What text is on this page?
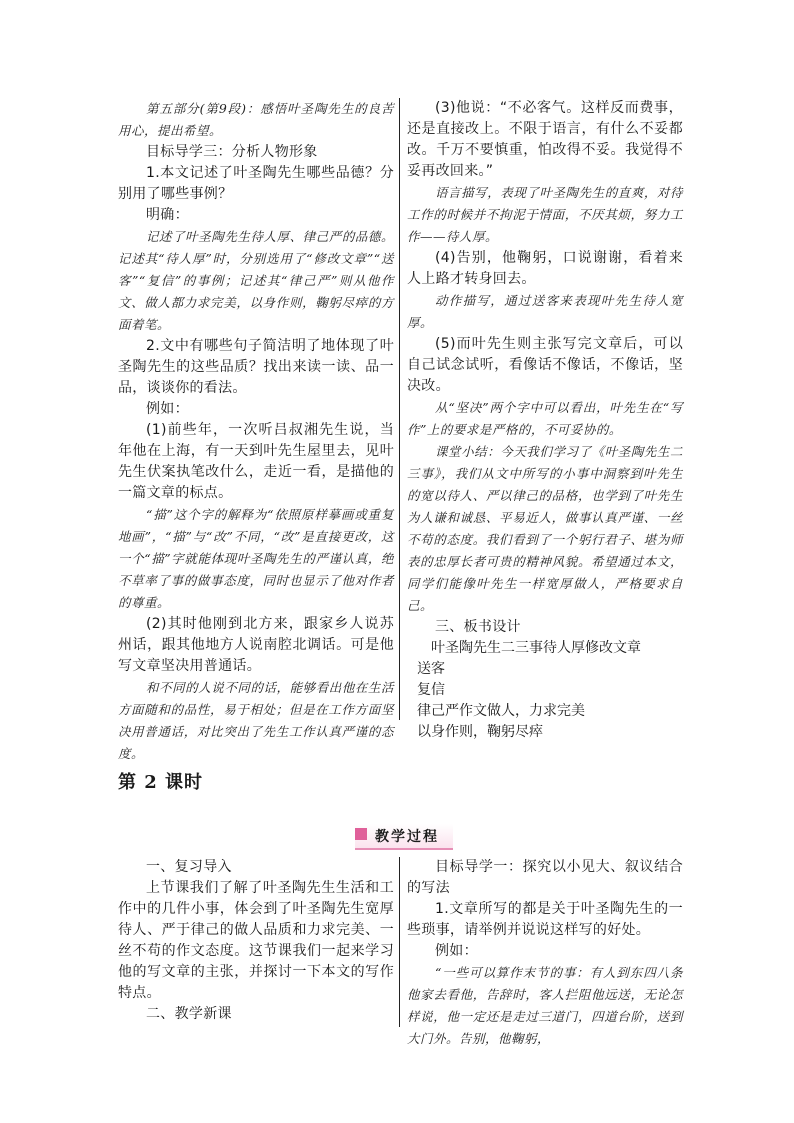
第五部分(第9段)：感悟叶圣陶先生的良苦用心，提出希望。

目标导学三：分析人物形象

1.本文记述了叶圣陶先生哪些品德？分别用了哪些事例？

明确：

记述了叶圣陶先生待人厚、律己严的品德。记述其“待人厚”时，分别选用了“修改文章”“送客”“复信”的事例；记述其“律己严”则从他作文、做人都力求完美，以身作则，鞠躬尽瘁的方面着笔。

2.文中有哪些句子简洁明了地体现了叶圣陶先生的这些品质？找出来读一读、品一品，谈谈你的看法。

例如：

(1)前些年，一次听吕叔湘先生说，当年他在上海，有一天到叶先生屋里去，见叶先生伏案执笔改什么，走近一看，是描他的一篇文章的标点。

“描”这个字的解释为“依照原样摹画或重复地画”，“描”与“改”不同，“改”是直接更改，这一个“描”字就能体现叶圣陶先生的严谨认真，绝不草率了事的做事态度，同时也显示了他对作者的尊重。

(2)其时他刚到北方来，跟家乡人说苏州话，跟其他地方人说南腔北调话。可是他写文章坚决用普通话。

和不同的人说不同的话，能够看出他在生活方面随和的品性，易于相处；但是在工作方面坚决用普通话，对比突出了先生工作认真严谨的态度。

(3)他说：“不必客气。这样反而费事，还是直接改上。不限于语言，有什么不妥都改。千万不要慎重，怕改得不妥。我觉得不妥再改回来。”

语言描写，表现了叶圣陶先生的直爽，对待工作的时候并不拘泥于情面，不厌其烦，努力工作——待人厚。

(4)告别，他鞠躬，口说谢谢，看着来人上路才转身回去。

动作描写，通过送客来表现叶先生待人宽厚。

(5)而叶先生则主张写完文章后，可以自己试念试听，看像话不像话，不像话，坚决改。

从“坚决”两个字中可以看出，叶先生在“写作”上的要求是严格的，不可妥协的。

课堂小结：今天我们学习了《叶圣陶先生二三事》，我们从文中所写的小事中洞察到叶先生的宽以待人、严以律己的品格，也学到了叶先生为人谦和诚恳、平易近人，做事认真严谨、一丝不苟的态度。我们看到了一个躬行君子、堪为师表的忠厚长者可贵的精神风貌。希望通过本文，同学们能像叶先生一样宽厚做人，严格要求自己。

三、板书设计

叶圣陶先生二三事待人厚修改文章

送客

复信

律己严作文做人，力求完美

以身作则，鞠躬尽瘁

第 2 课时
教学过程

一、复习导入

上节课我们了解了叶圣陶先生生活和工作中的几件小事，体会到了叶圣陶先生宽厚待人、严于律己的做人品质和力求完美、一丝不苟的作文态度。这节课我们一起来学习他的写文章的主张，并探讨一下本文的写作特点。

二、教学新课

目标导学一：探究以小见大、叙议结合的写法

1.文章所写的都是关于叶圣陶先生的一些琐事，请举例并说说这样写的好处。

例如：

“一些可以算作末节的事：有人到东四八条他家去看他，告辞时，客人拦阻他远送，无论怎样说，他一定还是走过三道门，四道台阶，送到大门外。告别，他鞠躬，
